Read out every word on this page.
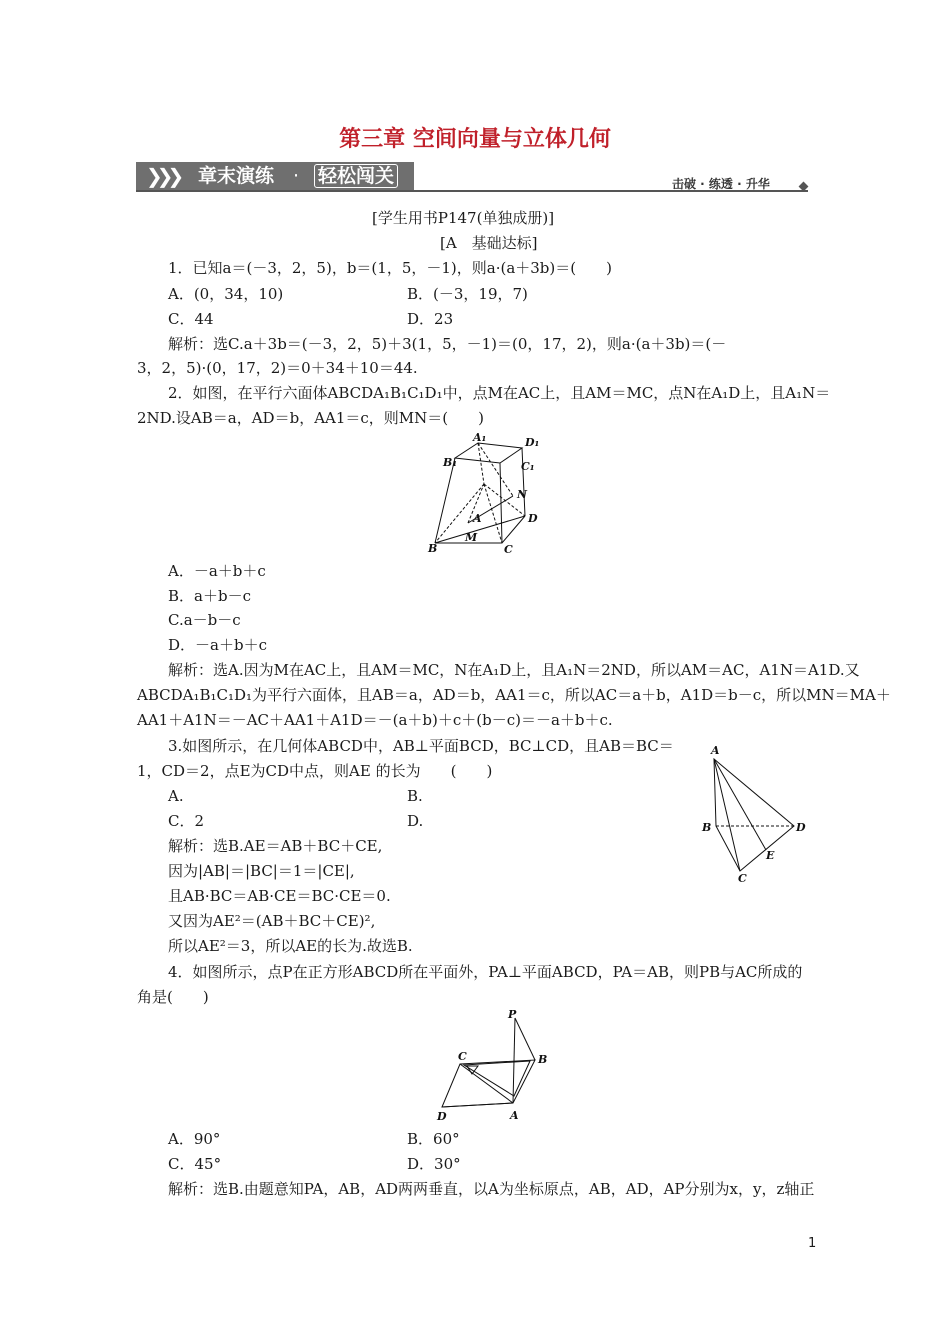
第三章 空间向量与立体几何
❯❯❯ 章末演练 · 轻松闯关	击破 · 练透 · 升华
[学生用书P147(单独成册)]
[A　基础达标]
1．已知a＝(－3，2，5)，b＝(1，5，－1)，则a·(a＋3b)＝(　　)
A．(0，34，10)	B．(－3，19，7)
C．44	D．23
解析：选C.a＋3b＝(－3，2，5)＋3(1，5，－1)＝(0，17，2)，则a·(a＋3b)＝(－
3，2，5)·(0，17，2)＝0＋34＋10＝44.
2．如图，在平行六面体ABCDA₁B₁C₁D₁中，点M在AC上，且AM＝MC，点N在A₁D上，且A₁N＝
2ND.设AB＝a，AD＝b，AA1＝c，则MN＝(　　)
A₁	D₁
B₁	C₁
N
A	D
M
B	C
A．－a＋b＋c
B．a＋b－c
C.a－b－c
D．－a＋b＋c
解析：选A.因为M在AC上，且AM＝MC，N在A₁D上，且A₁N＝2ND，所以AM＝AC，A1N＝A1D.又
ABCDA₁B₁C₁D₁为平行六面体，且AB＝a，AD＝b，AA1＝c，所以AC＝a＋b，A1D＝b－c，所以MN＝MA＋
AA1＋A1N＝－AC＋AA1＋A1D＝－(a＋b)＋c＋(b－c)＝－a＋b＋c.
3.如图所示，在几何体ABCD中，AB⊥平面BCD，BC⊥CD，且AB＝BC＝
1，CD＝2，点E为CD中点，则AE 的长为　　(　　)
A.	B.
C．2	D.
解析：选B.AE＝AB＋BC＋CE,
因为|AB|＝|BC|＝1＝|CE|,
且AB·BC＝AB·CE＝BC·CE＝0.
又因为AE²＝(AB＋BC＋CE)²,
所以AE²＝3，所以AE的长为.故选B.
A
B	D
E
C
4．如图所示，点P在正方形ABCD所在平面外，PA⊥平面ABCD，PA＝AB，则PB与AC所成的
角是(　　)
P
C	B
D	A
A．90°	B．60°
C．45°	D．30°
解析：选B.由题意知PA，AB，AD两两垂直，以A为坐标原点，AB，AD，AP分别为x，y，z轴正
1
